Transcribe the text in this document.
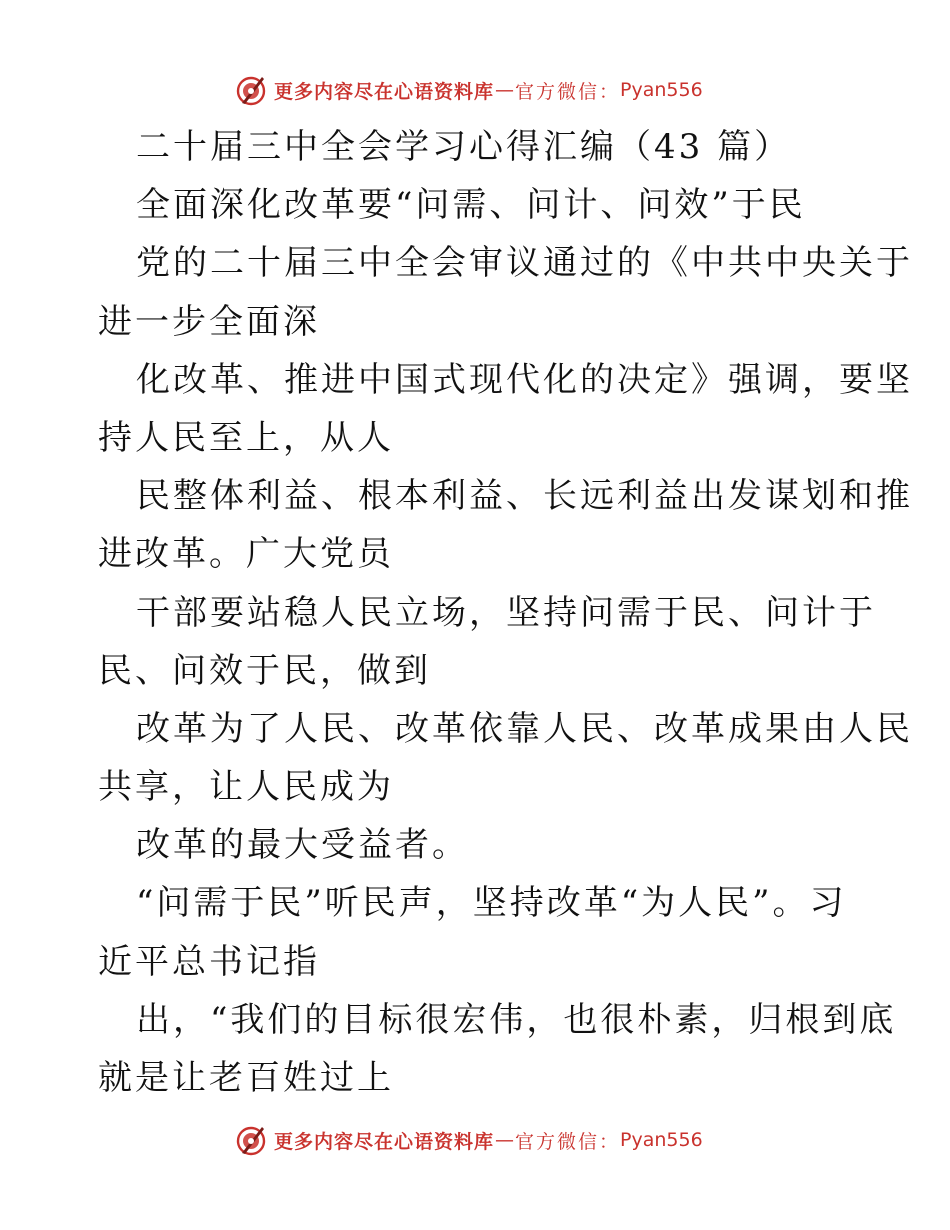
更多内容尽在心语资料库 — 官方微信： Pyan556
二十届三中全会学习心得汇编（43 篇）
全面深化改革要“问需、问计、问效”于民
党的二十届三中全会审议通过的《中共中央关于
进一步全面深
化改革、推进中国式现代化的决定》强调，要坚
持人民至上，从人
民整体利益、根本利益、长远利益出发谋划和推
进改革。广大党员
干部要站稳人民立场，坚持问需于民、问计于
民、问效于民，做到
改革为了人民、改革依靠人民、改革成果由人民
共享，让人民成为
改革的最大受益者。
“问需于民”听民声，坚持改革“为人民”。习
近平总书记指
出，“我们的目标很宏伟，也很朴素，归根到底
就是让老百姓过上
更多内容尽在心语资料库 — 官方微信： Pyan556
